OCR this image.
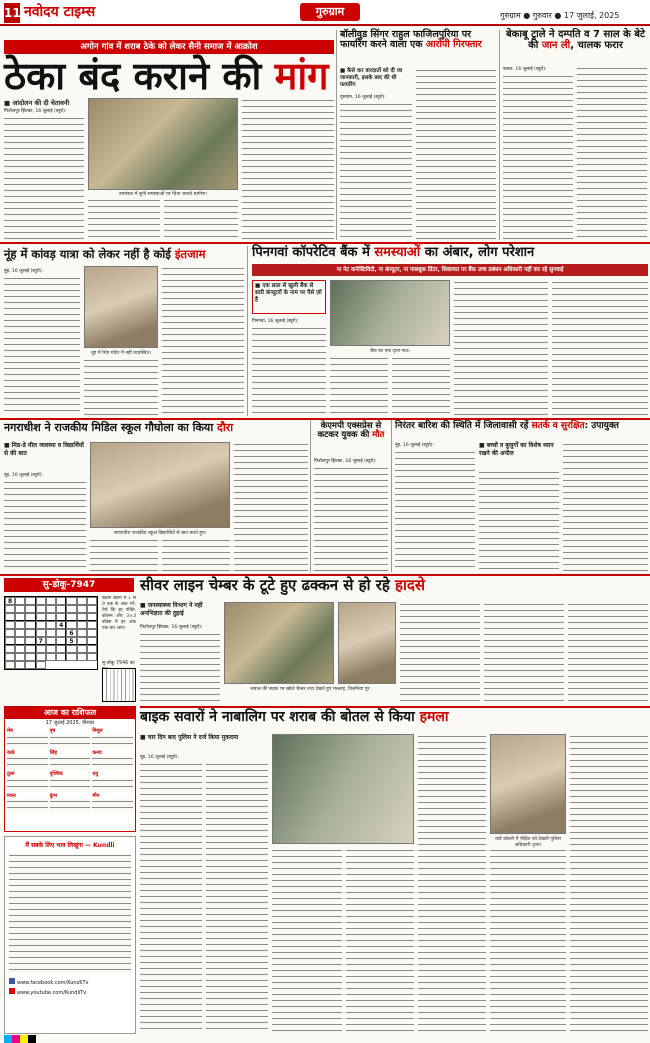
11 नवोदय टाइम्स	गुरुग्राम	गुरुग्राम ● गुरुवार ● 17 जुलाई, 2025
अगोन गांव में शराब ठेके को लेकर सैनी समाज में आक्रोश
ठेका बंद कराने की मांग
■ आंदोलन की दी चेतावनी
फिरोजपुर झिरका, 16 जुलाई (ब्यूरो):
उपमंडल में सुनी समस्याओं पर चिंता जताते ग्रामीण।
बॉलीवुड सिंगर राहुल फाजिलपुरिया पर फायरिंग करने वाला एक आरोपी गिरफ्तार
■ कैसे कर वारदातों को दी जा जानकारी, इसके बाद की थी फायरिंग
गुरुग्राम, 16 जुलाई (ब्यूरो):
बेकाबू ट्राले ने दम्पति व 7 साल के बेटे की जान ली, चालक फरार
बावल, 16 जुलाई (ब्यूरो):
नूंह में कांवड़ यात्रा को लेकर नहीं है कोई इंतजाम
नूंह, 16 जुलाई (ब्यूरो):
नूंह में शिव मंदिर में नहीं व्यवस्थित।
पिनगवां कॉपरेटिव बैंक में समस्याओं का अंबार, लोग परेशान
ना नेट कनेक्टिविटी, ना कंप्यूटर, ना पासबुक प्रिंटर, शिकायत पर बैंक उच्च प्रबंधन अधिकारी नहीं कर रहे सुनवाई
■ एक साल से खुली बैंक से सारी कंप्यूटरों के नाम पर पैसे ज़ो है
पिनगवां, 16 जुलाई (ब्यूरो):
बैंक का एक दृश्य नाउ।
नगराधीश ने राजकीय मिडिल स्कूल गौघोला का किया दौरा
■ मिड-डे मील व्यवस्था व विद्यार्थियों से की बात
नूंह, 16 जुलाई (ब्यूरो):
जगराधीश राजकीय स्कूल विद्यार्थियों से बात करते हुए।
केएमपी एक्सप्रेस से कटकर युवक की मौत
फिरोजपुर झिरका, 16 जुलाई (ब्यूरो):
निरंतर बारिश की स्थिति में जिलावासी रहें सतर्क व सुरक्षित: उपायुक्त
नूंह, 16 जुलाई (ब्यूरो):	■ बच्चों व बुजुर्गों का विशेष ध्यान रखने की अपील
सु-डोकू-7947
8
4
6
7	5
खाली खानों में 1 से 9 तक के अंक भरें, ऐसे कि हर पंक्ति, कॉलम और 3×3 बॉक्स में हर अंक एक बार आए।
सु-डोकू 7946 का
सीवर लाइन चेम्बर के टूटे हुए ढक्कन से हो रहे हादसे
■ जनस्वास्थ्य विभाग ने नहीं अनभिज्ञता की दुहाई
फिरोजपुर झिरका, 16 जुलाई (ब्यूरो):
सवाल की सड़क पर खोले चैम्बर तथा देखते हुए मल्लाह, तिलनिया पुर
आज का राशिफल
17 जुलाई 2025, वीरवार
मेष	वृष	मिथुन
कर्क	सिंह	कन्या
तुला	वृश्चिक	धनु
मकर	कुंभ	मीन
मैं सबके लिए भाव लिखूंगा — Kundli
www.facebook.com/KundliTv
www.youtube.com/KundliTv
बाइक सवारों ने नाबालिग पर शराब की बोतल से किया हमला
■ चार दिन बाद पुलिस ने दर्ज किया मुकदमा
नूंह, 16 जुलाई (ब्यूरो):
वार्ड कोठरी में पीड़ित को देखती पुलिस अधिकारी दृश्य।
